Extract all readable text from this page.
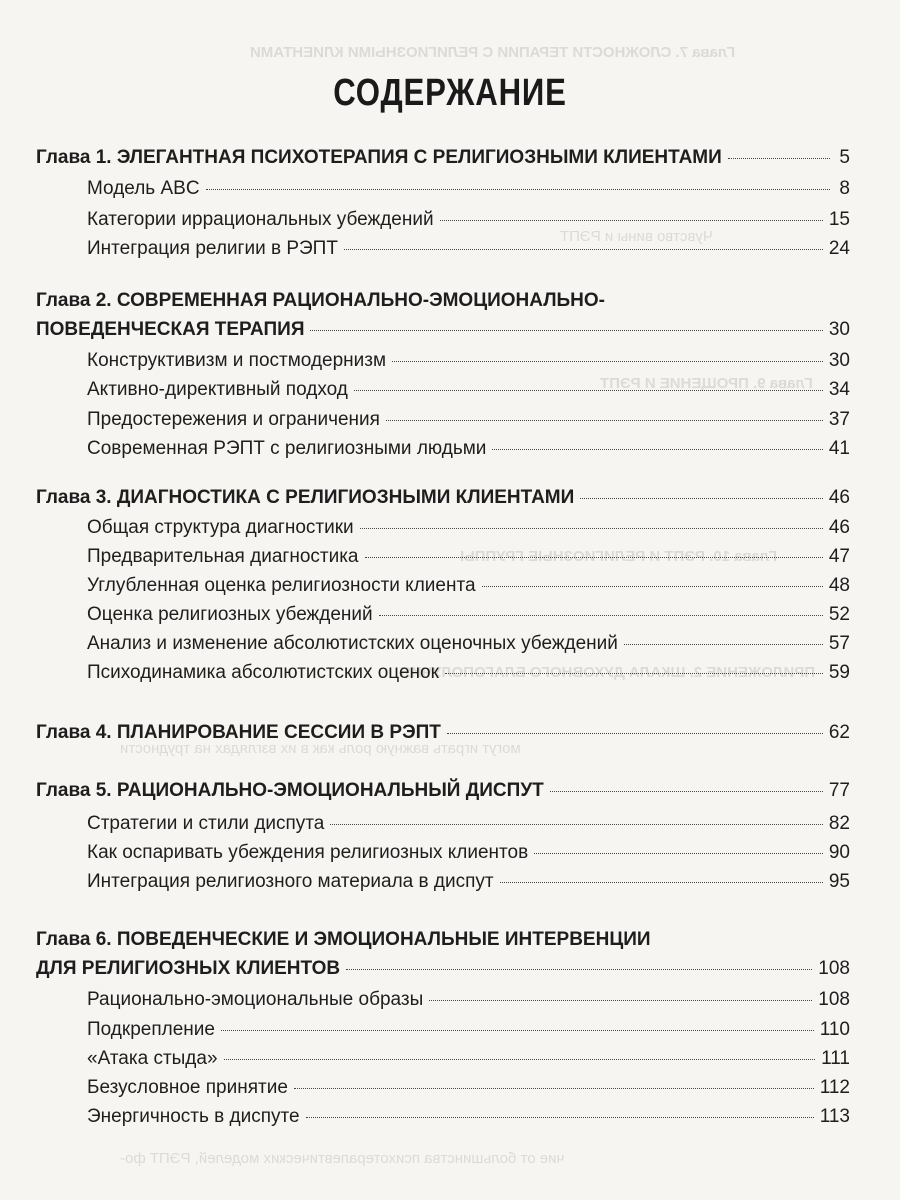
Глава 7. СЛОЖНОСТИ ТЕРАПИИ С РЕЛИГИОЗНЫМИ КЛИЕНТАМИ
Чувство вины и РЭПТ
Глава 9. ПРОЩЕНИЕ И РЭПТ
Глава 10. РЭПТ И РЕЛИГИОЗНЫЕ ГРУППЫ
ПРИЛОЖЕНИЕ 2. ШКАЛА ДУХОВНОГО БЛАГОПОЛУЧИЯ
могут играть важную роль как в их взглядах на трудности
чие от большинства психотерапевтических моделей, РЭПТ фо-
СОДЕРЖАНИЕ
Глава 1. ЭЛЕГАНТНАЯ ПСИХОТЕРАПИЯ С РЕЛИГИОЗНЫМИ КЛИЕНТАМИ	5
Модель ABC	8
Категории иррациональных убеждений	15
Интеграция религии в РЭПТ	24
Глава 2. СОВРЕМЕННАЯ РАЦИОНАЛЬНО-ЭМОЦИОНАЛЬНО-
ПОВЕДЕНЧЕСКАЯ ТЕРАПИЯ	30
Конструктивизм и постмодернизм	30
Активно-директивный подход	34
Предостережения и ограничения	37
Современная РЭПТ с религиозными людьми	41
Глава 3. ДИАГНОСТИКА С РЕЛИГИОЗНЫМИ КЛИЕНТАМИ	46
Общая структура диагностики	46
Предварительная диагностика	47
Углубленная оценка религиозности клиента	48
Оценка религиозных убеждений	52
Анализ и изменение абсолютистских оценочных убеждений	57
Психодинамика абсолютистских оценок	59
Глава 4. ПЛАНИРОВАНИЕ СЕССИИ В РЭПТ	62
Глава 5. РАЦИОНАЛЬНО-ЭМОЦИОНАЛЬНЫЙ ДИСПУТ	77
Стратегии и стили диспута	82
Как оспаривать убеждения религиозных клиентов	90
Интеграция религиозного материала в диспут	95
Глава 6. ПОВЕДЕНЧЕСКИЕ И ЭМОЦИОНАЛЬНЫЕ ИНТЕРВЕНЦИИ
ДЛЯ РЕЛИГИОЗНЫХ КЛИЕНТОВ	108
Рационально-эмоциональные образы	108
Подкрепление	110
«Атака стыда»	111
Безусловное принятие	112
Энергичность в диспуте	113
